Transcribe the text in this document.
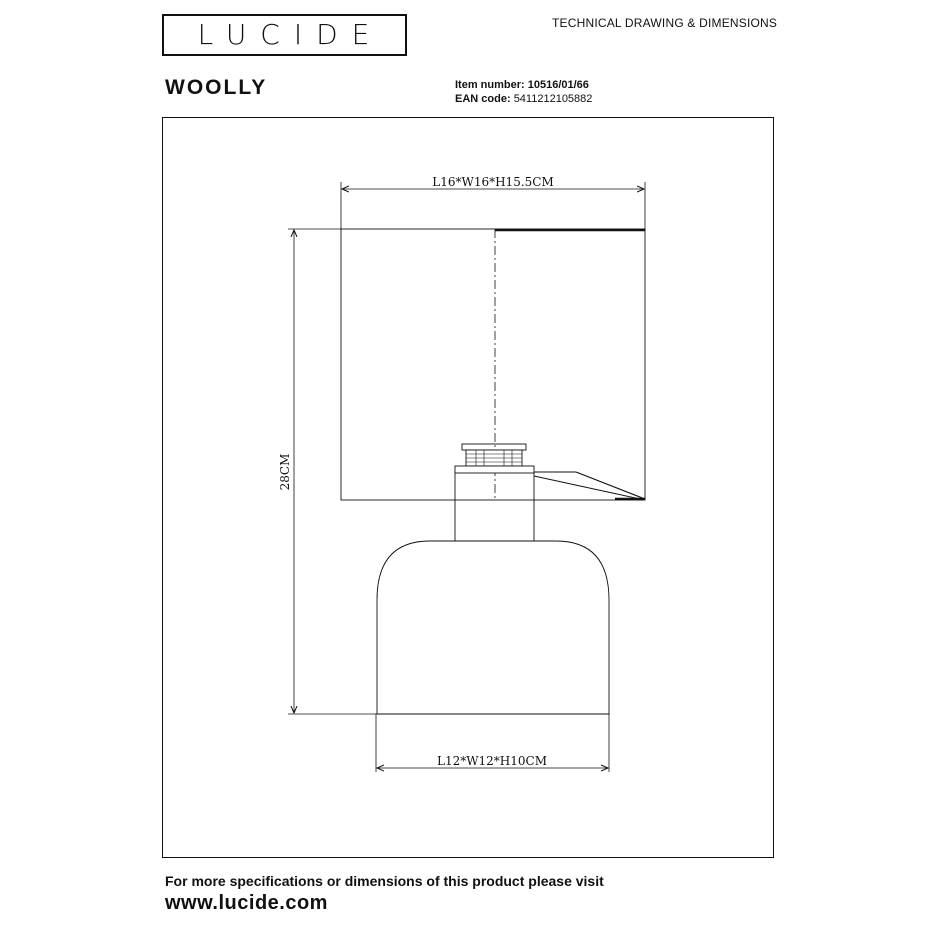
LUCIDE	TECHNICAL DRAWING & DIMENSIONS
WOOLLY	Item number: 10516/01/66
EAN code: 5411212105882
L16*W16*H15.5CM
28CM
L12*W12*H10CM
For more specifications or dimensions of this product please visit
www.lucide.com
